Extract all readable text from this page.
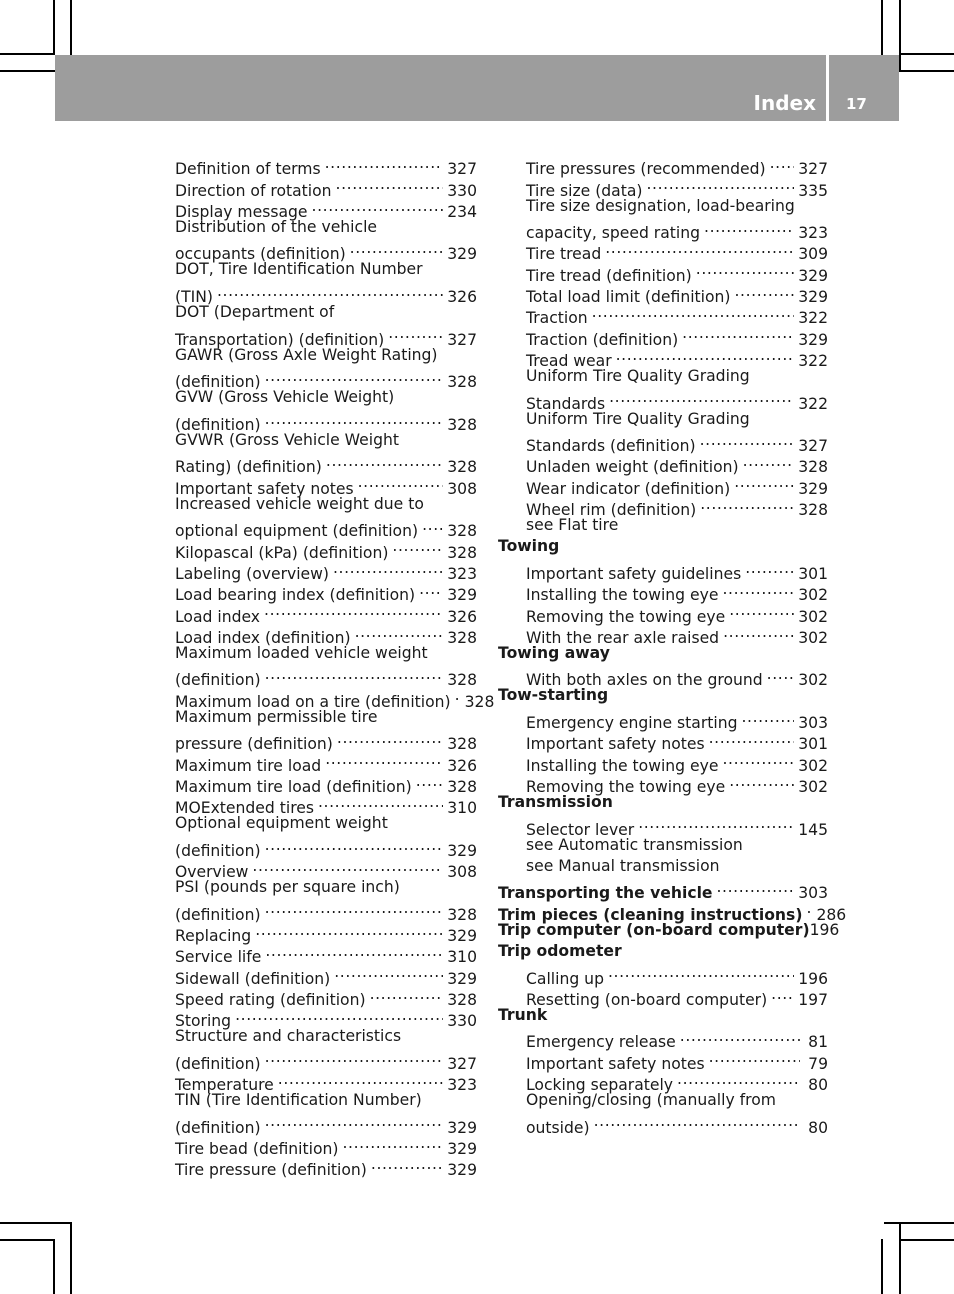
Index 17
Definition of terms .....	327
Direction of rotation .....	330
Display message .....	234
Distribution of the vehicle
occupants (definition) .....	329
DOT, Tire Identification Number
(TIN) .....	326
DOT (Department of
Transportation) (definition) .....	327
GAWR (Gross Axle Weight Rating)
(definition) .....	328
GVW (Gross Vehicle Weight)
(definition) .....	328
GVWR (Gross Vehicle Weight
Rating) (definition) .....	328
Important safety notes .....	308
Increased vehicle weight due to
optional equipment (definition) ..... 328
Kilopascal (kPa) (definition) .....	328
Labeling (overview) .....	323
Load bearing index (definition) ..... 329
Load index .....	326
Load index (definition) .....	328
Maximum loaded vehicle weight
(definition) .....	328
Maximum load on a tire (definition) ..... 328
Maximum permissible tire
pressure (definition) .....	328
Maximum tire load .....	326
Maximum tire load (definition) ..... 328
MOExtended tires .....	310
Optional equipment weight
(definition) .....	329
Overview .....	308
PSI (pounds per square inch)
(definition) .....	328
Replacing .....	329
Service life .....	310
Sidewall (definition) .....	329
Speed rating (definition) .....	328
Storing .....	330
Structure and characteristics
(definition) .....	327
Temperature .....	323
TIN (Tire Identification Number)
(definition) .....	329
Tire bead (definition) .....	329
Tire pressure (definition) .....	329
Tire pressures (recommended) ..... 327
Tire size (data) .....	335
Tire size designation, load-bearing
capacity, speed rating .....	323
Tire tread .....	309
Tire tread (definition) .....	329
Total load limit (definition) .....	329
Traction .....	322
Traction (definition) .....	329
Tread wear .....	322
Uniform Tire Quality Grading
Standards .....	322
Uniform Tire Quality Grading
Standards (definition) .....	327
Unladen weight (definition) .....	328
Wear indicator (definition) .....	329
Wheel rim (definition) .....	328
see Flat tire
Towing
Important safety guidelines .....	301
Installing the towing eye .....	302
Removing the towing eye .....	302
With the rear axle raised .....	302
Towing away
With both axles on the ground ..... 302
Tow-starting
Emergency engine starting .....	303
Important safety notes .....	301
Installing the towing eye .....	302
Removing the towing eye .....	302
Transmission
Selector lever .....	145
see Automatic transmission
see Manual transmission
Transporting the vehicle .....	303
Trim pieces (cleaning instructions) ..... 286
Trip computer (on-board computer) 196
Trip odometer
Calling up .....	196
Resetting (on-board computer) ..... 197
Trunk
Emergency release .....	81
Important safety notes .....	79
Locking separately .....	80
Opening/closing (manually from
outside) .....	80
